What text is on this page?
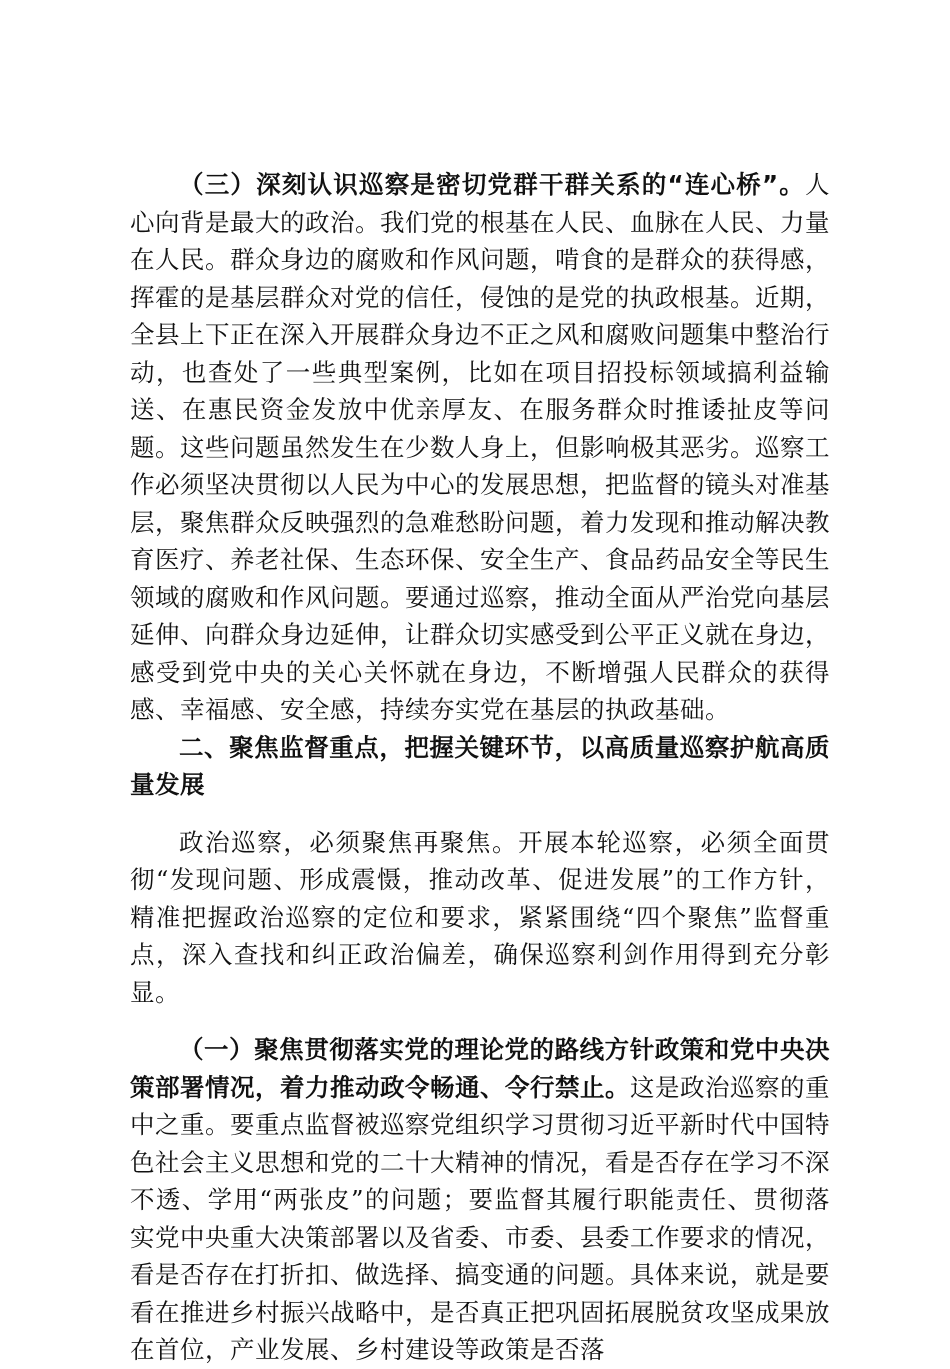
（三）深刻认识巡察是密切党群干群关系的“连心桥”。人心向背是最大的政治。我们党的根基在人民、血脉在人民、力量在人民。群众身边的腐败和作风问题，啃食的是群众的获得感，挥霍的是基层群众对党的信任，侵蚀的是党的执政根基。近期，全县上下正在深入开展群众身边不正之风和腐败问题集中整治行动，也查处了一些典型案例，比如在项目招投标领域搞利益输送、在惠民资金发放中优亲厚友、在服务群众时推诿扯皮等问题。这些问题虽然发生在少数人身上，但影响极其恶劣。巡察工作必须坚决贯彻以人民为中心的发展思想，把监督的镜头对准基层，聚焦群众反映强烈的急难愁盼问题，着力发现和推动解决教育医疗、养老社保、生态环保、安全生产、食品药品安全等民生领域的腐败和作风问题。要通过巡察，推动全面从严治党向基层延伸、向群众身边延伸，让群众切实感受到公平正义就在身边，感受到党中央的关心关怀就在身边，不断增强人民群众的获得感、幸福感、安全感，持续夯实党在基层的执政基础。

二、聚焦监督重点，把握关键环节，以高质量巡察护航高质量发展

政治巡察，必须聚焦再聚焦。开展本轮巡察，必须全面贯彻“发现问题、形成震慑，推动改革、促进发展”的工作方针，精准把握政治巡察的定位和要求，紧紧围绕“四个聚焦”监督重点，深入查找和纠正政治偏差，确保巡察利剑作用得到充分彰显。

（一）聚焦贯彻落实党的理论党的路线方针政策和党中央决策部署情况，着力推动政令畅通、令行禁止。这是政治巡察的重中之重。要重点监督被巡察党组织学习贯彻习近平新时代中国特色社会主义思想和党的二十大精神的情况，看是否存在学习不深不透、学用“两张皮”的问题；要监督其履行职能责任、贯彻落实党中央重大决策部署以及省委、市委、县委工作要求的情况，看是否存在打折扣、做选择、搞变通的问题。具体来说，就是要看在推进乡村振兴战略中，是否真正把巩固拓展脱贫攻坚成果放在首位，产业发展、乡村建设等政策是否落
